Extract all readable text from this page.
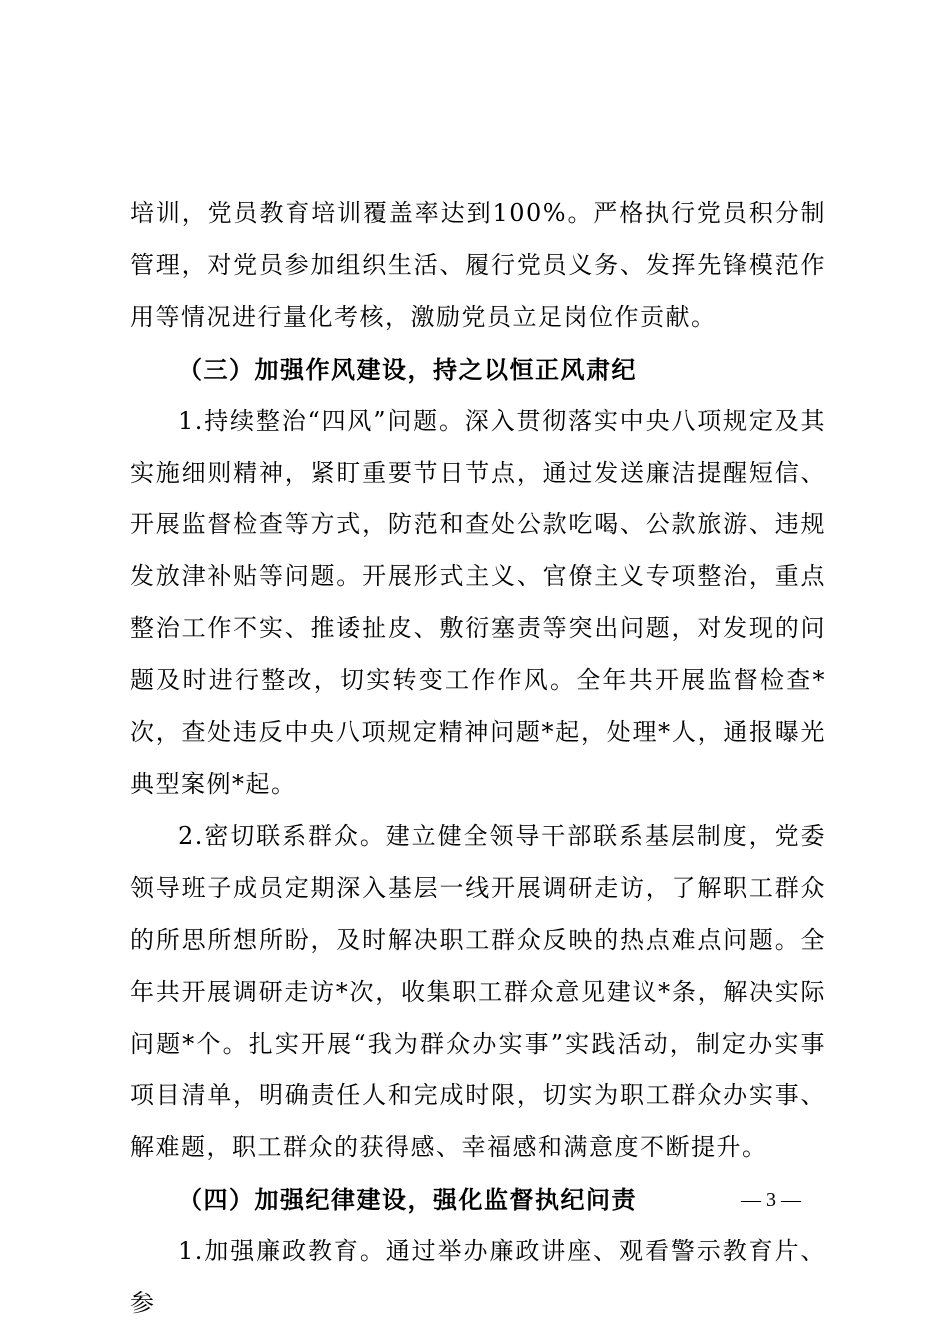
培训，党员教育培训覆盖率达到100%。严格执行党员积分制管理，对党员参加组织生活、履行党员义务、发挥先锋模范作用等情况进行量化考核，激励党员立足岗位作贡献。

（三）加强作风建设，持之以恒正风肃纪

1.持续整治“四风”问题。深入贯彻落实中央八项规定及其实施细则精神，紧盯重要节日节点，通过发送廉洁提醒短信、开展监督检查等方式，防范和查处公款吃喝、公款旅游、违规发放津补贴等问题。开展形式主义、官僚主义专项整治，重点整治工作不实、推诿扯皮、敷衍塞责等突出问题，对发现的问题及时进行整改，切实转变工作作风。全年共开展监督检查*次，查处违反中央八项规定精神问题*起，处理*人，通报曝光典型案例*起。

2.密切联系群众。建立健全领导干部联系基层制度，党委领导班子成员定期深入基层一线开展调研走访，了解职工群众的所思所想所盼，及时解决职工群众反映的热点难点问题。全年共开展调研走访*次，收集职工群众意见建议*条，解决实际问题*个。扎实开展“我为群众办实事”实践活动，制定办实事项目清单，明确责任人和完成时限，切实为职工群众办实事、解难题，职工群众的获得感、幸福感和满意度不断提升。

（四）加强纪律建设，强化监督执纪问责

1.加强廉政教育。通过举办廉政讲座、观看警示教育片、参

— 3 —
